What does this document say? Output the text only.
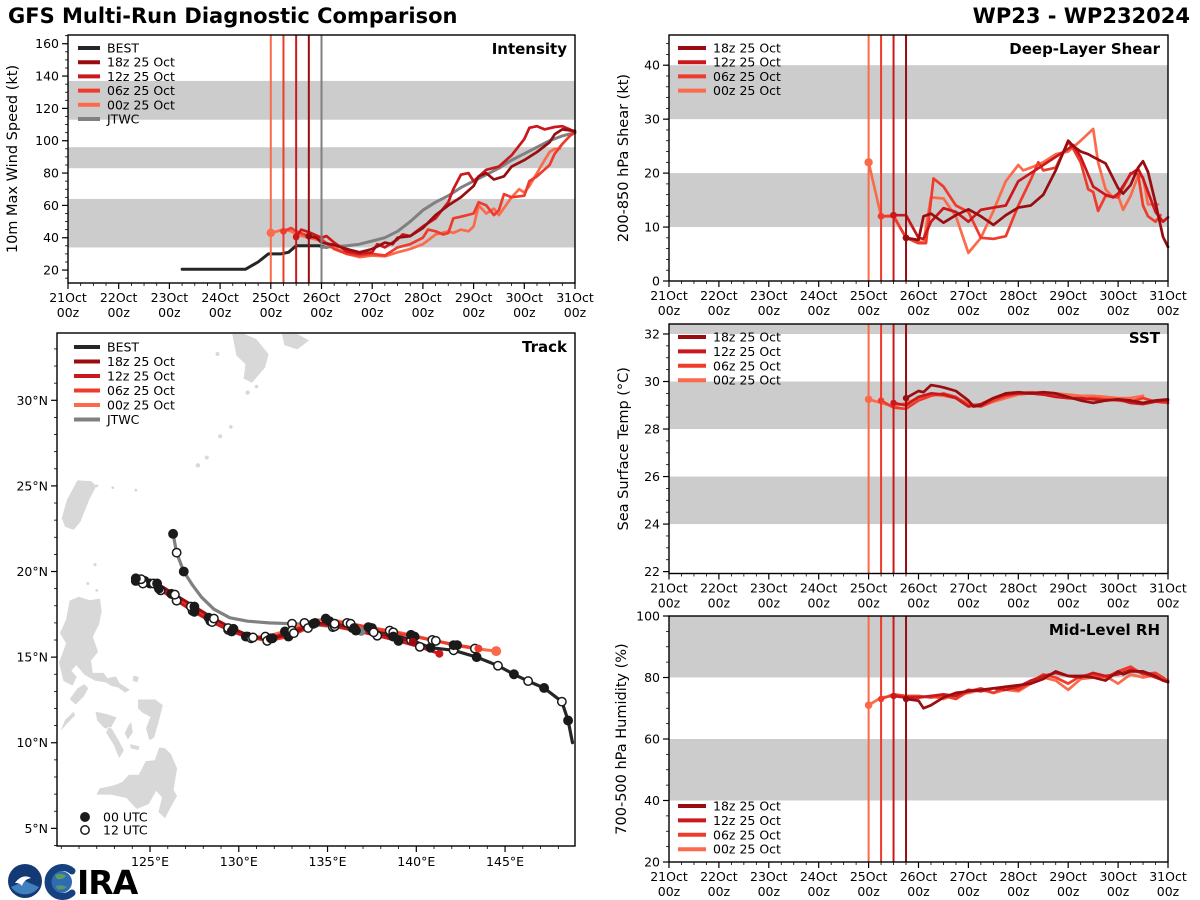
GFS Multi-Run Diagnostic Comparison	WP23 - WP232024
21Oct 00z
22Oct 00z
23Oct 00z
24Oct 00z
25Oct 00z
26Oct 00z
27Oct 00z
28Oct 00z
29Oct 00z
30Oct 00z
31Oct 00z
20
40
60
80
100
120
140
160	Intensity
10m Max Wind Speed (kt)
BEST
18z 25 Oct
12z 25 Oct
06z 25 Oct
00z 25 Oct
JTWC
21Oct 00z
22Oct 00z
23Oct 00z
24Oct 00z
25Oct 00z
26Oct 00z
27Oct 00z
28Oct 00z
29Oct 00z
30Oct 00z
31Oct 00z
0
10
20
30
40
Deep-Layer Shear
200-850 hPa Shear (kt)
18z 25 Oct
12z 25 Oct
06z 25 Oct
00z 25 Oct
21Oct 00z
22Oct 00z
23Oct 00z
24Oct 00z
25Oct 00z
26Oct 00z
27Oct 00z
28Oct 00z
29Oct 00z
30Oct 00z
31Oct 00z
22
24
26
28
30
32	SST
Sea Surface Temp (°C)
18z 25 Oct
12z 25 Oct
06z 25 Oct
00z 25 Oct
21Oct 00z
22Oct 00z
23Oct 00z
24Oct 00z
25Oct 00z
26Oct 00z
27Oct 00z
28Oct 00z
29Oct 00z
30Oct 00z
31Oct 00z
20
40
60
80
100
Mid-Level RH
700-500 hPa Humidity (%)	18z 25 Oct
12z 25 Oct
06z 25 Oct
00z 25 Oct
125°E	130°E	135°E	140°E	145°E
30°N
25°N
20°N
15°N
10°N
5°N
Track
BEST
18z 25 Oct
12z 25 Oct
06z 25 Oct
00z 25 Oct
JTWC
00 UTC
12 UTC
IRA
